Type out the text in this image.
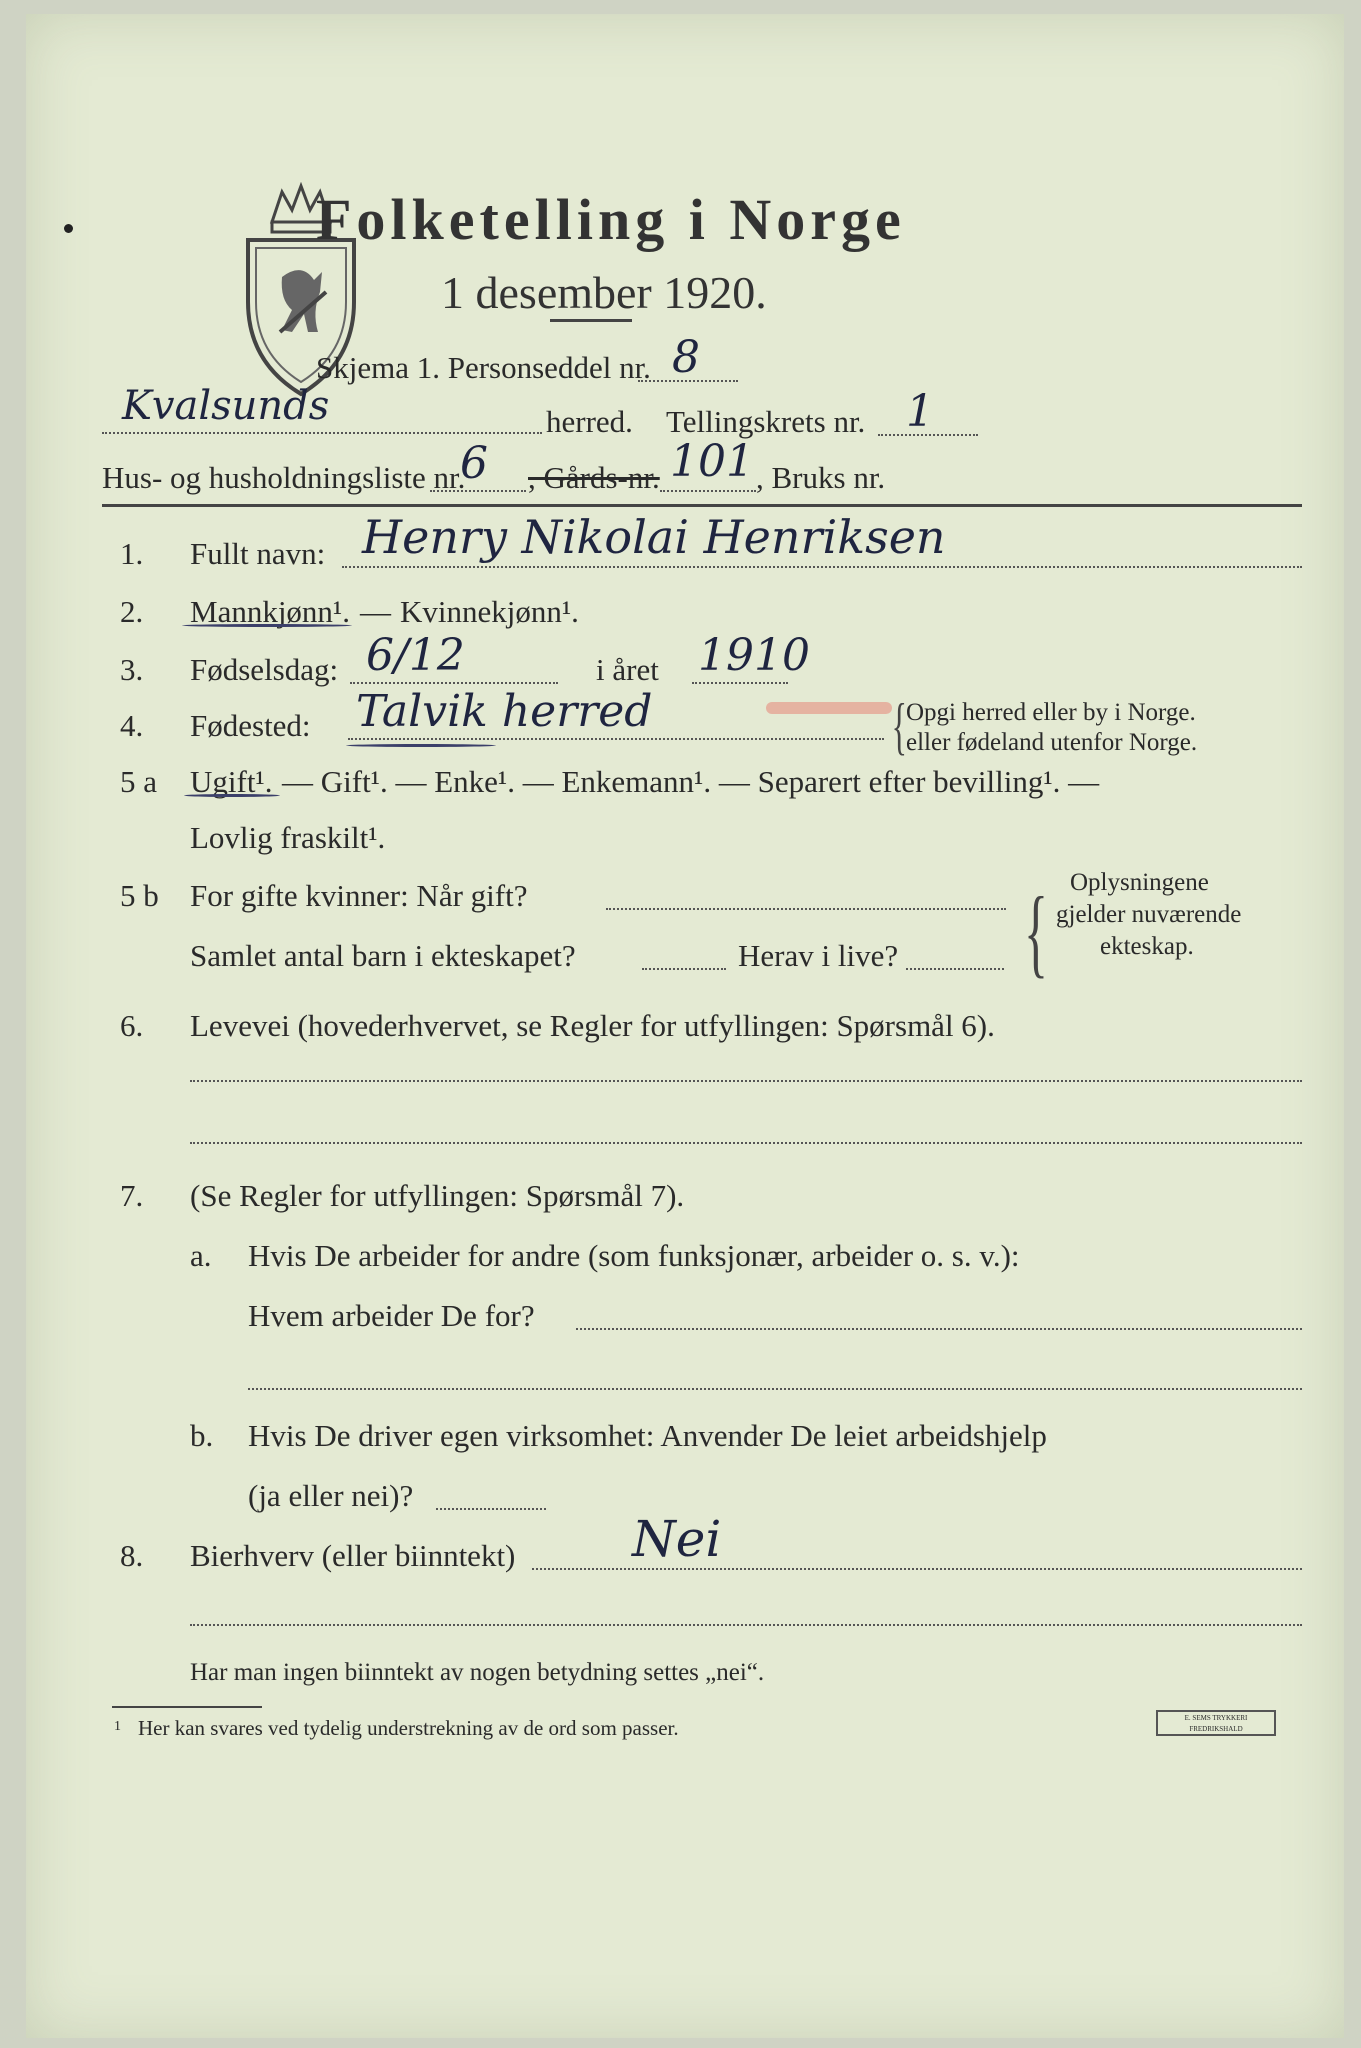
Folketelling i Norge
1 desember 1920.
Skjema 1. Personseddel nr. 8
Kvalsunds	herred. Tellingskrets nr. 1
Hus- og husholdningsliste nr.
6 , Gårds-nr. 101 , Bruks nr.
1. Fullt navn: Henry Nikolai Henriksen
2. Mannkjønn¹. — Kvinnekjønn¹.
3. Fødselsdag: 6/12	i året 1910
4. Fødested: Talvik herred	{
Opgi herred eller by i Norge.
eller fødeland utenfor Norge.
5 a Ugift¹. — Gift¹. — Enke¹. — Enkemann¹. — Separert efter bevilling¹. —
Lovlig fraskilt¹.
5 b For gifte kvinner: Når gift?
Samlet antal barn i ekteskapet?	Herav i live? { Oplysningene
gjelder nuværende
ekteskap.
6. Levevei (hovederhvervet, se Regler for utfyllingen: Spørsmål 6).
7. (Se Regler for utfyllingen: Spørsmål 7).
a. Hvis De arbeider for andre (som funksjonær, arbeider o. s. v.):
Hvem arbeider De for?
b. Hvis De driver egen virksomhet: Anvender De leiet arbeidshjelp
(ja eller nei)?
8. Bierhverv (eller biinntekt) Nei
Har man ingen biinntekt av nogen betydning settes „nei“.
1 Her kan svares ved tydelig understrekning av de ord som passer.	E. SEMS TRYKKERI FREDRIKSHALD
